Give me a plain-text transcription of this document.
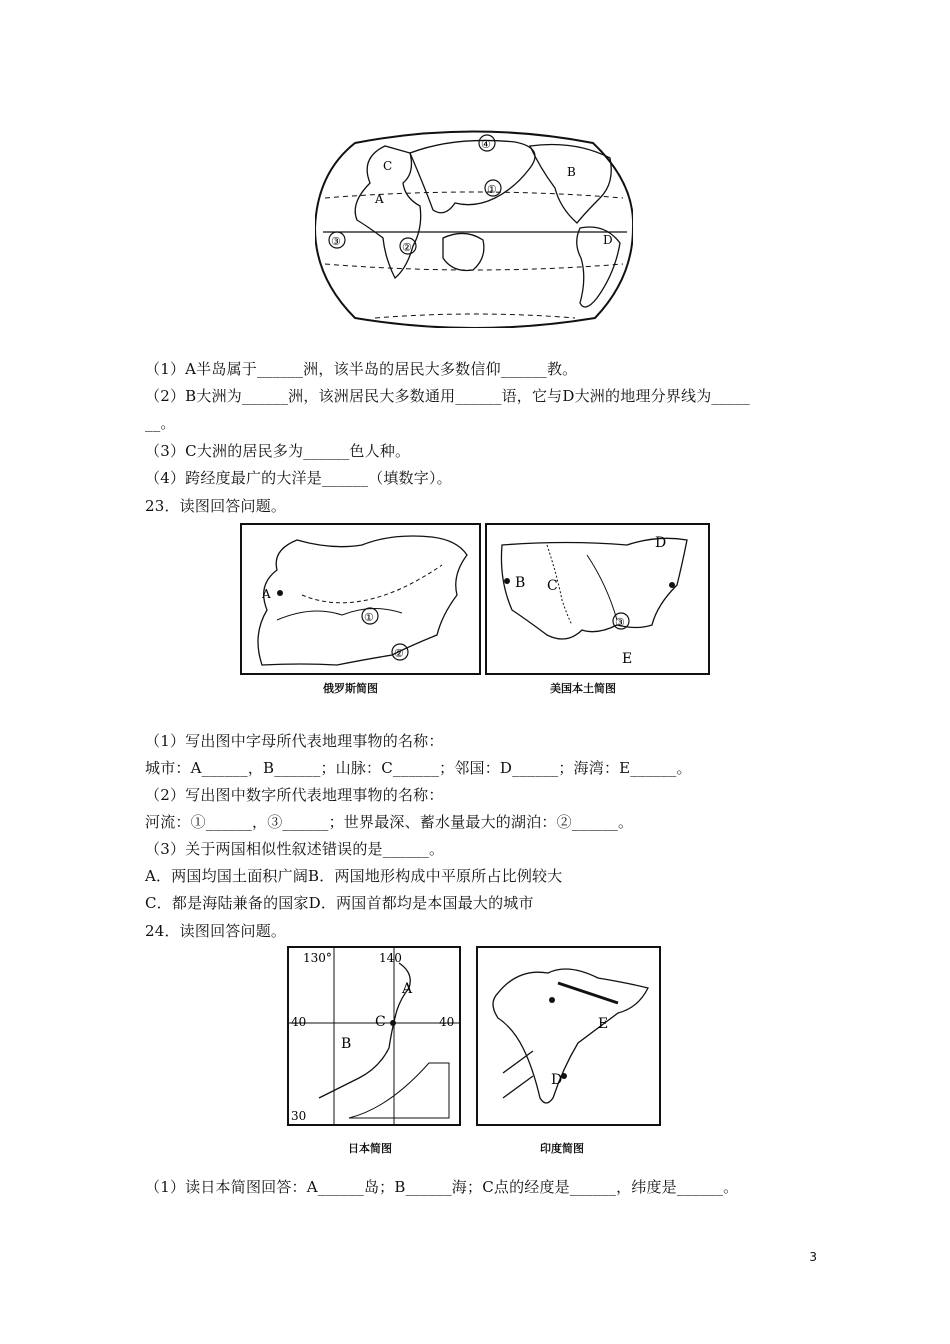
A
B
C
D
①
②
③
④
（1）A半岛属于______洲，该半岛的居民大多数信仰______教。
（2）B大洲为______洲，该洲居民大多数通用______语，它与D大洲的地理分界线为_____
__。
（3）C大洲的居民多为______色人种。
（4）跨经度最广的大洋是______（填数字）。
23．读图回答问题。
A
①
②
俄罗斯简图
B C
D
E
③
美国本土简图
（1）写出图中字母所代表地理事物的名称：
城市：A______，B______；山脉：C______；邻国：D______；海湾：E______。
（2）写出图中数字所代表地理事物的名称：
河流：①______，③______；世界最深、蓄水量最大的湖泊：②______。
（3）关于两国相似性叙述错误的是______。
A．两国均国土面积广阔B．两国地形构成中平原所占比例较大
C．都是海陆兼备的国家D．两国首都均是本国最大的城市
24．读图回答问题。
130°	140
40	40
30
A
B
C
日本简图
D
E
印度简图
（1）读日本简图回答：A______岛；B______海；C点的经度是______，纬度是______。
3
